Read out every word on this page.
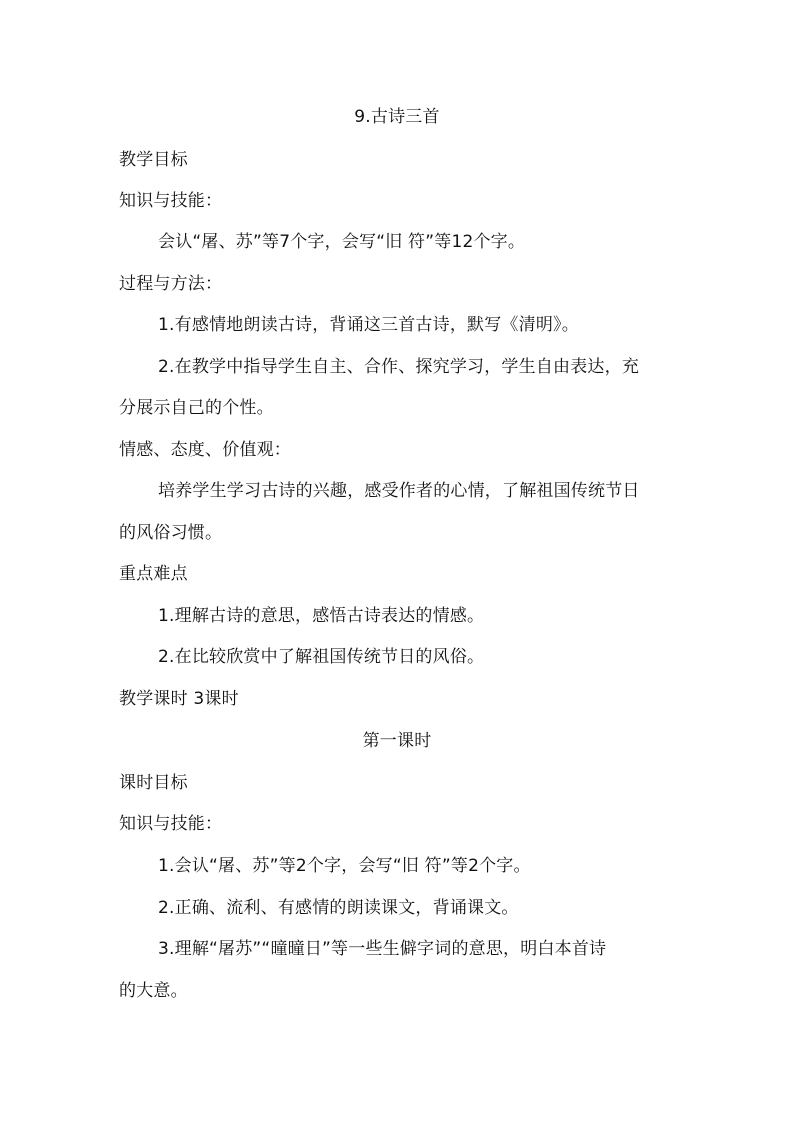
9.古诗三首
教学目标
知识与技能：
会认“屠、苏”等7个字，会写“旧 符”等12个字。
过程与方法：
1.有感情地朗读古诗，背诵这三首古诗，默写《清明》。
2.在教学中指导学生自主、合作、探究学习，学生自由表达，充
分展示自己的个性。
情感、态度、价值观：
培养学生学习古诗的兴趣，感受作者的心情，了解祖国传统节日
的风俗习惯。
重点难点
1.理解古诗的意思，感悟古诗表达的情感。
2.在比较欣赏中了解祖国传统节日的风俗。
教学课时 3课时
第一课时
课时目标
知识与技能：
1.会认“屠、苏”等2个字，会写“旧 符”等2个字。
2.正确、流利、有感情的朗读课文，背诵课文。
3.理解“屠苏”“曈曈日”等一些生僻字词的意思，明白本首诗
的大意。
